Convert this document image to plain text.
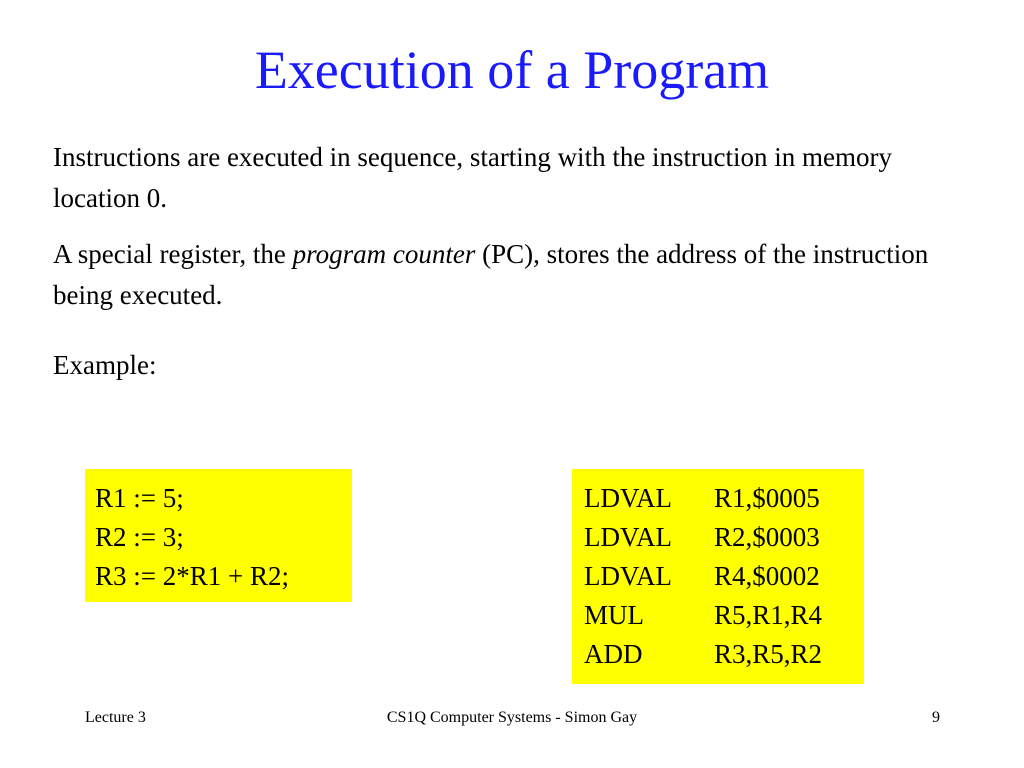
Execution of a Program

Instructions are executed in sequence, starting with the instruction in memory location 0.

A special register, the program counter (PC), stores the address of the instruction being executed.

Example:

R1 := 5;
R2 := 3;
R3 := 2*R1 + R2;
LDVAL R1,$0005
LDVAL R2,$0003
LDVAL R4,$0002
MUL	R5,R1,R4
ADD	R3,R5,R2
Lecture 3	CS1Q Computer Systems - Simon Gay	9
